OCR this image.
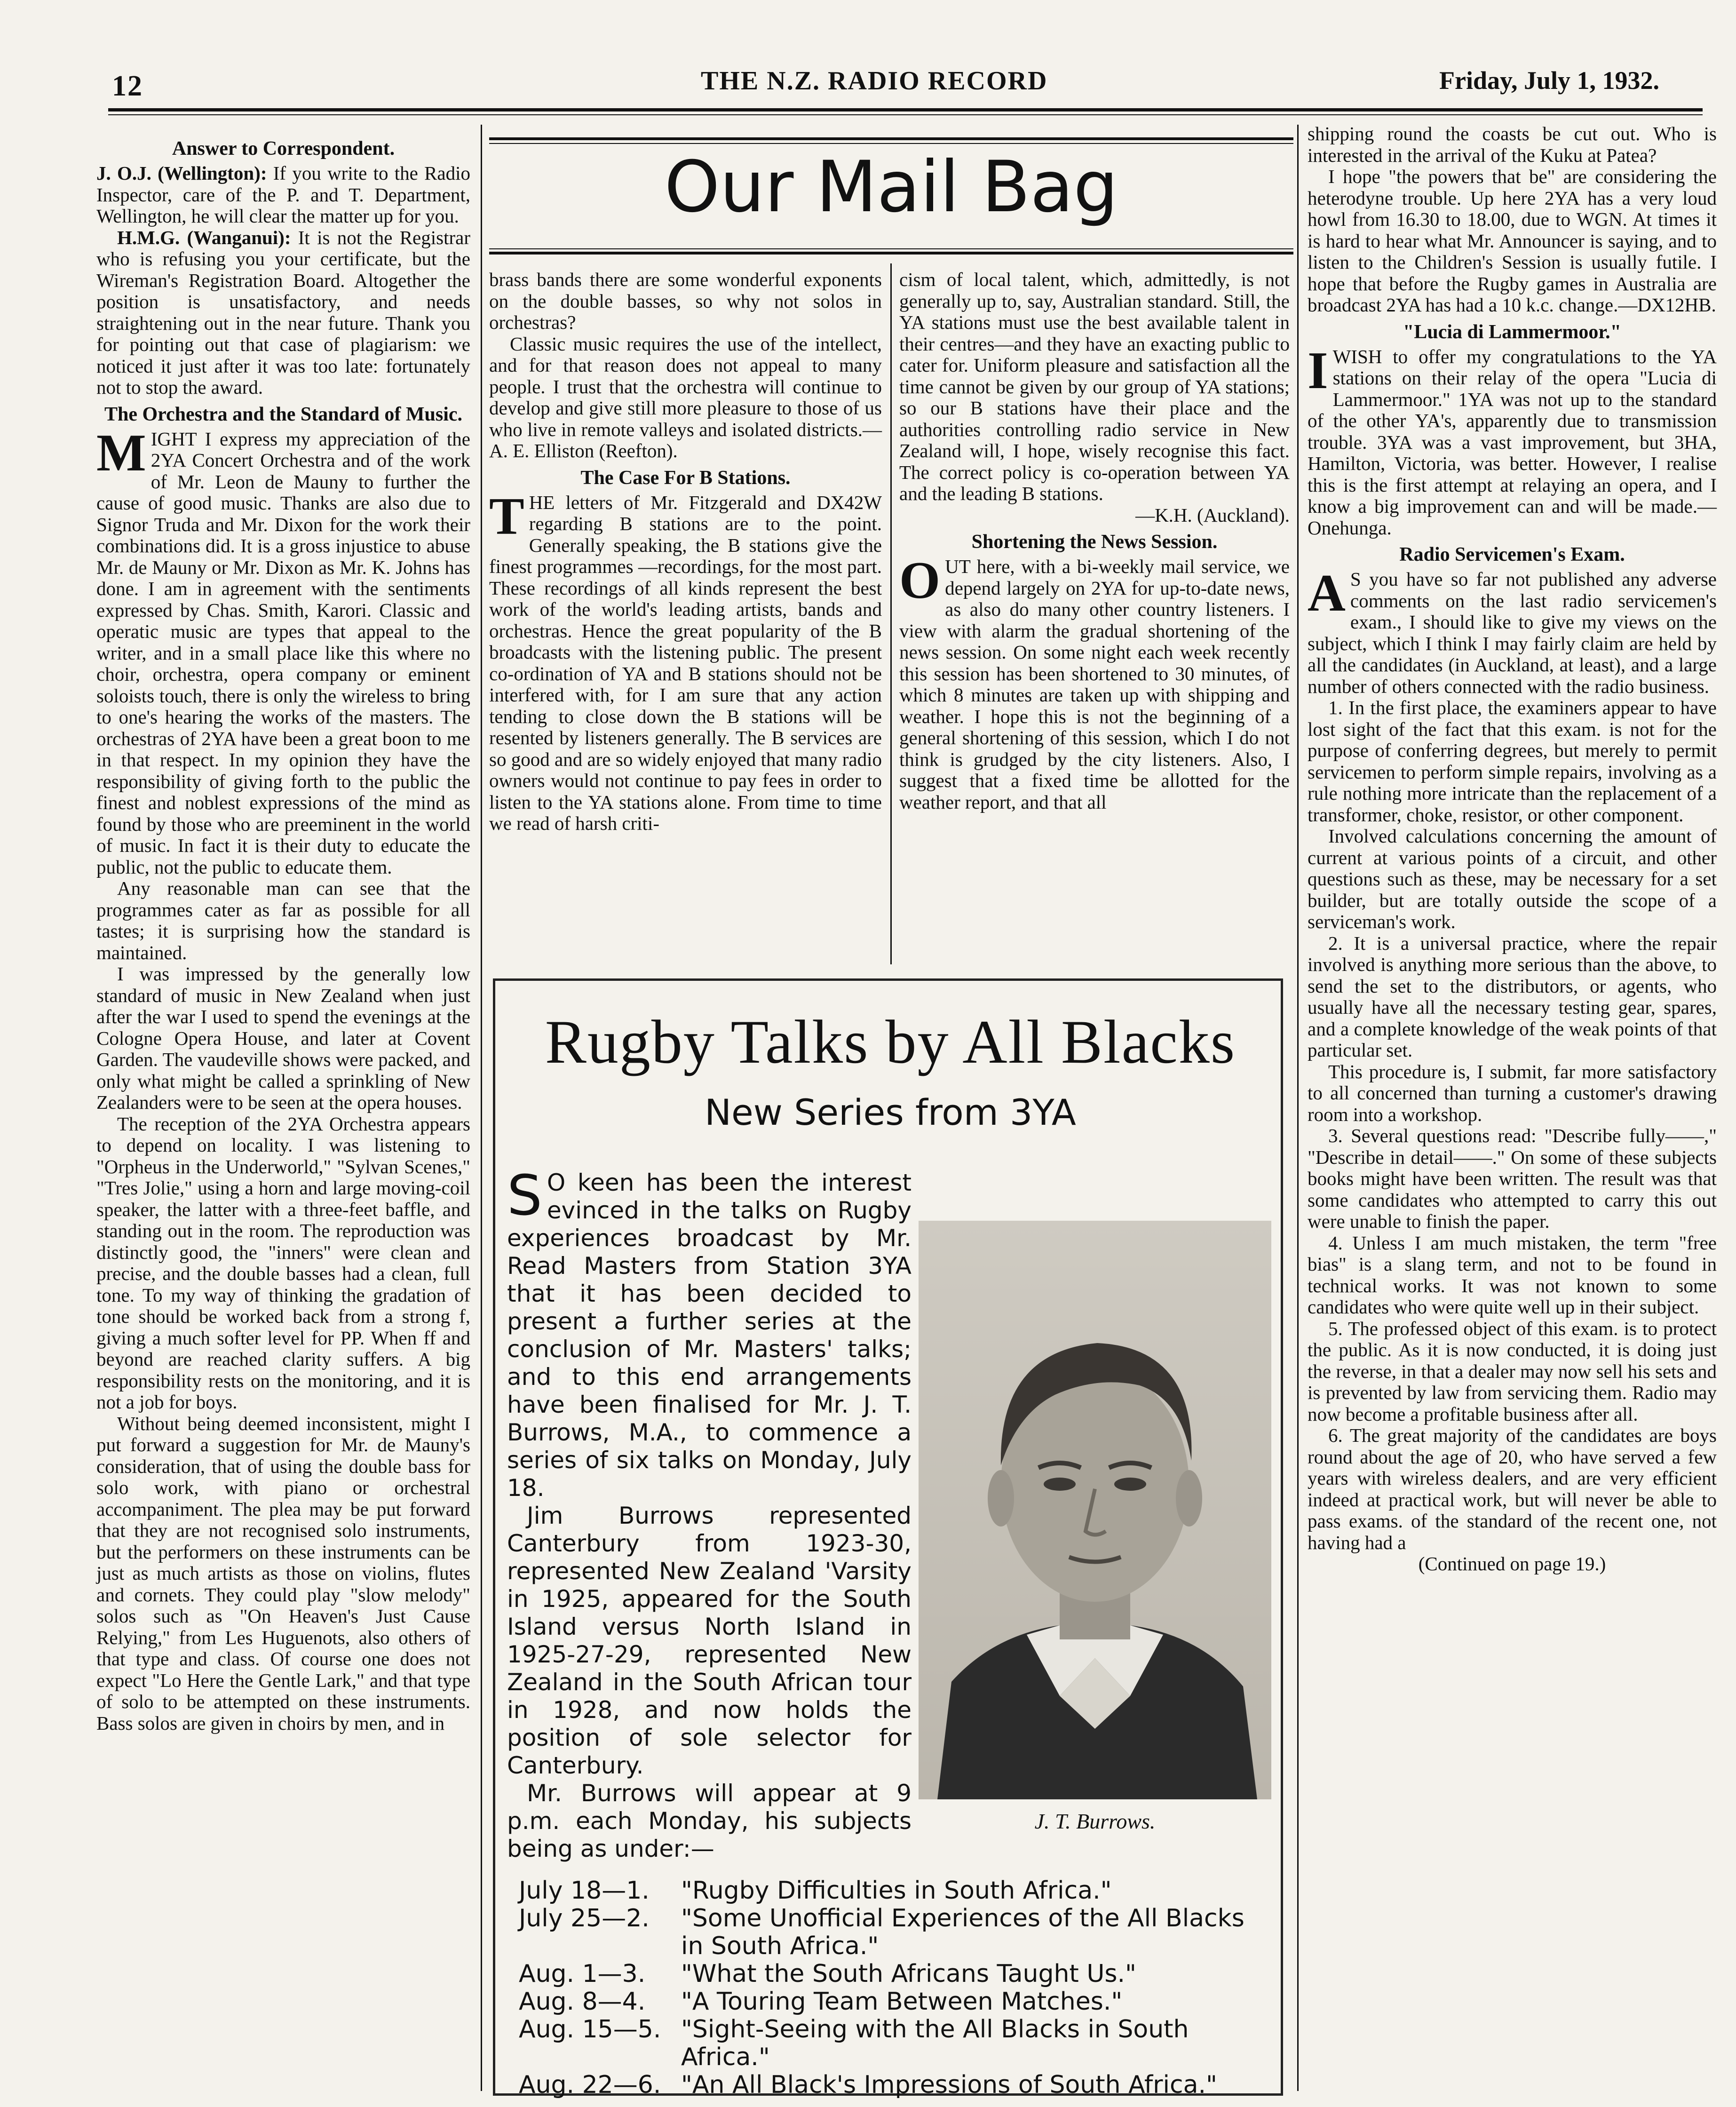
12	THE N.Z. RADIO RECORD	Friday, July 1, 1932.
Answer to Correspondent.

J. O.J. (Wellington): If you write to the Radio Inspector, care of the P. and T. Department, Wellington, he will clear the matter up for you.

H.M.G. (Wanganui): It is not the Registrar who is refusing you your certificate, but the Wireman's Registration Board. Altogether the position is unsatisfactory, and needs straightening out in the near future. Thank you for pointing out that case of plagiarism: we noticed it just after it was too late: fortunately not to stop the award.

The Orchestra and the Standard of Music.

MIGHT I express my appreciation of the 2YA Concert Orchestra and of the work of Mr. Leon de Mauny to further the cause of good music. Thanks are also due to Signor Truda and Mr. Dixon for the work their combinations did. It is a gross injustice to abuse Mr. de Mauny or Mr. Dixon as Mr. K. Johns has done. I am in agreement with the sentiments expressed by Chas. Smith, Karori. Classic and operatic music are types that appeal to the writer, and in a small place like this where no choir, orchestra, opera company or eminent soloists touch, there is only the wireless to bring to one's hearing the works of the masters. The orchestras of 2YA have been a great boon to me in that respect. In my opinion they have the responsibility of giving forth to the public the finest and noblest expressions of the mind as found by those who are preeminent in the world of music. In fact it is their duty to educate the public, not the public to educate them.

Any reasonable man can see that the programmes cater as far as possible for all tastes; it is surprising how the standard is maintained.

I was impressed by the generally low standard of music in New Zealand when just after the war I used to spend the evenings at the Cologne Opera House, and later at Covent Garden. The vaudeville shows were packed, and only what might be called a sprinkling of New Zealanders were to be seen at the opera houses.

The reception of the 2YA Orchestra appears to depend on locality. I was listening to "Orpheus in the Underworld," "Sylvan Scenes," "Tres Jolie," using a horn and large moving-coil speaker, the latter with a three-feet baffle, and standing out in the room. The reproduction was distinctly good, the "inners" were clean and precise, and the double basses had a clean, full tone. To my way of thinking the gradation of tone should be worked back from a strong f, giving a much softer level for PP. When ff and beyond are reached clarity suffers. A big responsibility rests on the monitoring, and it is not a job for boys.

Without being deemed inconsistent, might I put forward a suggestion for Mr. de Mauny's consideration, that of using the double bass for solo work, with piano or orchestral accompaniment. The plea may be put forward that they are not recognised solo instruments, but the performers on these instruments can be just as much artists as those on violins, flutes and cornets. They could play "slow melody" solos such as "On Heaven's Just Cause Relying," from Les Huguenots, also others of that type and class. Of course one does not expect "Lo Here the Gentle Lark," and that type of solo to be attempted on these instruments. Bass solos are given in choirs by men, and in

Our Mail Bag

brass bands there are some wonderful exponents on the double basses, so why not solos in orchestras?

Classic music requires the use of the intellect, and for that reason does not appeal to many people. I trust that the orchestra will continue to develop and give still more pleasure to those of us who live in remote valleys and isolated districts.—A. E. Elliston (Reefton).

The Case For B Stations.

THE letters of Mr. Fitzgerald and DX42W regarding B stations are to the point. Generally speaking, the B stations give the finest programmes —recordings, for the most part. These recordings of all kinds represent the best work of the world's leading artists, bands and orchestras. Hence the great popularity of the B broadcasts with the listening public. The present co-ordination of YA and B stations should not be interfered with, for I am sure that any action tending to close down the B stations will be resented by listeners generally. The B services are so good and are so widely enjoyed that many radio owners would not continue to pay fees in order to listen to the YA stations alone. From time to time we read of harsh criti-

cism of local talent, which, admittedly, is not generally up to, say, Australian standard. Still, the YA stations must use the best available talent in their centres—and they have an exacting public to cater for. Uniform pleasure and satisfaction all the time cannot be given by our group of YA stations; so our B stations have their place and the authorities controlling radio service in New Zealand will, I hope, wisely recognise this fact. The correct policy is co-operation between YA and the leading B stations.

—K.H. (Auckland).

Shortening the News Session.

OUT here, with a bi-weekly mail service, we depend largely on 2YA for up-to-date news, as also do many other country listeners. I view with alarm the gradual shortening of the news session. On some night each week recently this session has been shortened to 30 minutes, of which 8 minutes are taken up with shipping and weather. I hope this is not the beginning of a general shortening of this session, which I do not think is grudged by the city listeners. Also, I suggest that a fixed time be allotted for the weather report, and that all

shipping round the coasts be cut out. Who is interested in the arrival of the Kuku at Patea?

I hope "the powers that be" are considering the heterodyne trouble. Up here 2YA has a very loud howl from 16.30 to 18.00, due to WGN. At times it is hard to hear what Mr. Announcer is saying, and to listen to the Children's Session is usually futile. I hope that before the Rugby games in Australia are broadcast 2YA has had a 10 k.c. change.—DX12HB.

"Lucia di Lammermoor."

IWISH to offer my congratulations to the YA stations on their relay of the opera "Lucia di Lammermoor." 1YA was not up to the standard of the other YA's, apparently due to transmission trouble. 3YA was a vast improvement, but 3HA, Hamilton, Victoria, was better. However, I realise this is the first attempt at relaying an opera, and I know a big improvement can and will be made.—Onehunga.

Radio Servicemen's Exam.

A S you have so far not published any adverse comments on the last radio servicemen's exam., I should like to give my views on the subject, which I think I may fairly claim are held by all the candidates (in Auckland, at least), and a large number of others connected with the radio business.

1. In the first place, the examiners appear to have lost sight of the fact that this exam. is not for the purpose of conferring degrees, but merely to permit servicemen to perform simple repairs, involving as a rule nothing more intricate than the replacement of a transformer, choke, resistor, or other component.

Involved calculations concerning the amount of current at various points of a circuit, and other questions such as these, may be necessary for a set builder, but are totally outside the scope of a serviceman's work.

2. It is a universal practice, where the repair involved is anything more serious than the above, to send the set to the distributors, or agents, who usually have all the necessary testing gear, spares, and a complete knowledge of the weak points of that particular set.

This procedure is, I submit, far more satisfactory to all concerned than turning a customer's drawing room into a workshop.

3. Several questions read: "Describe fully——," "Describe in detail——." On some of these subjects books might have been written. The result was that some candidates who attempted to carry this out were unable to finish the paper.

4. Unless I am much mistaken, the term "free bias" is a slang term, and not to be found in technical works. It was not known to some candidates who were quite well up in their subject.

5. The professed object of this exam. is to protect the public. As it is now conducted, it is doing just the reverse, in that a dealer may now sell his sets and is prevented by law from servicing them. Radio may now become a profitable business after all.

6. The great majority of the candidates are boys round about the age of 20, who have served a few years with wireless dealers, and are very efficient indeed at practical work, but will never be able to pass exams. of the standard of the recent one, not having had a

(Continued on page 19.)

Rugby Talks by All Blacks
New Series from 3YA

S O keen has been the interest evinced in the talks on Rugby experiences broadcast by Mr. Read Masters from Station 3YA that it has been decided to present a further series at the conclusion of Mr. Masters' talks; and to this end arrangements have been finalised for Mr. J. T. Burrows, M.A., to commence a series of six talks on Monday, July 18.

Jim Burrows represented Canterbury from 1923-30, represented New Zealand 'Varsity in 1925, appeared for the South Island versus North Island in 1925-27-29, represented New Zealand in the South African tour in 1928, and now holds the position of sole selector for Canterbury.

Mr. Burrows will appear at 9 p.m. each Monday, his subjects being as under:—

J. T. Burrows.
July 18—1.	"Rugby Difficulties in South Africa."
July 25—2.	"Some Unofficial Experiences of the All Blacks in South Africa."
Aug. 1—3.	"What the South Africans Taught Us."
Aug. 8—4.	"A Touring Team Between Matches."
Aug. 15—5. "Sight-Seeing with the All Blacks in South Africa."
Aug. 22—6. "An All Black's Impressions of South Africa."
